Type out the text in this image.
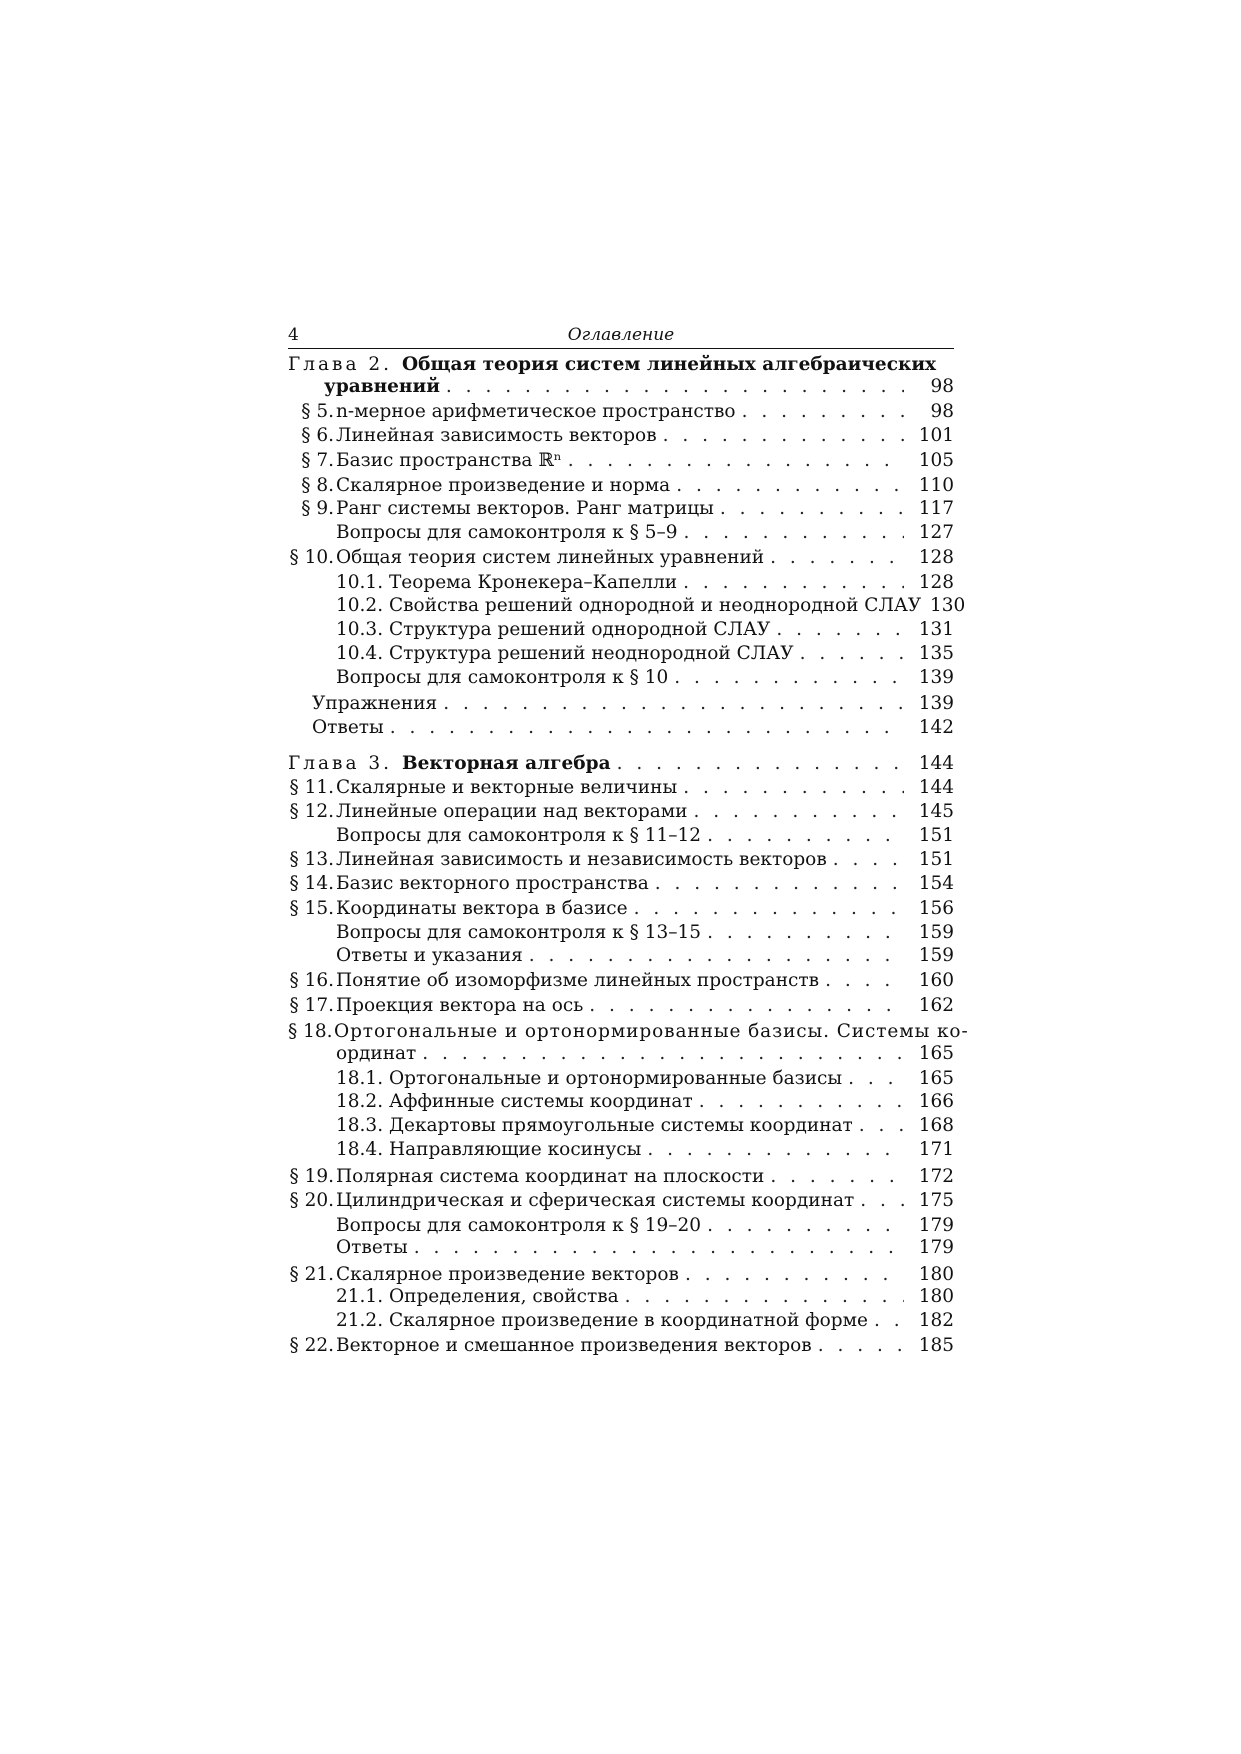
4	Оглавление
Глава 2. Общая теория систем линейных алгебраических
уравнений . . .	98
§ 5. n-мерное арифметическое пространство . . .	98
§ 6. Линейная зависимость векторов . . .	101
§ 7. Базис пространства ℝⁿ . . .	105
§ 8. Скалярное произведение и норма . . .	110
§ 9. Ранг системы векторов. Ранг матрицы . . .	117
Вопросы для самоконтроля к § 5–9 . . .	127
§ 10. Общая теория систем линейных уравнений . . .	128
10.1. Теорема Кронекера–Капелли . . .	128
10.2. Свойства решений однородной и неоднородной СЛАУ 130
10.3. Структура решений однородной СЛАУ . . .	131
10.4. Структура решений неоднородной СЛАУ . . .	135
Вопросы для самоконтроля к § 10 . . .	139
Упражнения . . .	139
Ответы . . .	142
Глава 3. Векторная алгебра . . .	144
§ 11. Скалярные и векторные величины . . .	144
§ 12. Линейные операции над векторами . . .	145
Вопросы для самоконтроля к § 11–12 . . .	151
§ 13. Линейная зависимость и независимость векторов . . .	151
§ 14. Базис векторного пространства . . .	154
§ 15. Координаты вектора в базисе . . .	156
Вопросы для самоконтроля к § 13–15 . . .	159
Ответы и указания . . .	159
§ 16. Понятие об изоморфизме линейных пространств . . .	160
§ 17. Проекция вектора на ось . . .	162
§ 18. Ортогональные и ортонормированные базисы. Системы ко-
ординат . . .	165
18.1. Ортогональные и ортонормированные базисы . . .	165
18.2. Аффинные системы координат . . .	166
18.3. Декартовы прямоугольные системы координат . . .	168
18.4. Направляющие косинусы . . .	171
§ 19. Полярная система координат на плоскости . . .	172
§ 20. Цилиндрическая и сферическая системы координат . . .	175
Вопросы для самоконтроля к § 19–20 . . .	179
Ответы . . .	179
§ 21. Скалярное произведение векторов . . .	180
21.1. Определения, свойства . . .	180
21.2. Скалярное произведение в координатной форме . . .	182
§ 22. Векторное и смешанное произведения векторов . . .	185
